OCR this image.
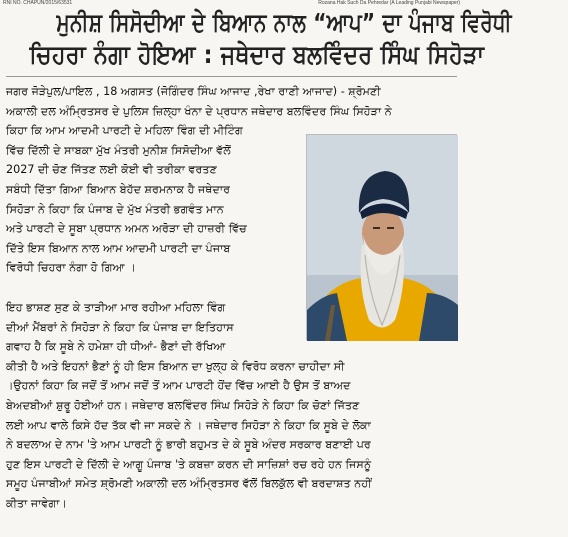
RNI NO. CHAPUN/2015/63531	Rozana Hak Such Da Pehredar (A Leading Punjabi Newspaper)
ਮੁਨੀਸ਼ ਸਿਸੋਦੀਆ ਦੇ ਬਿਆਨ ਨਾਲ “ਆਪ” ਦਾ ਪੰਜਾਬ ਵਿਰੋਧੀ
ਚਿਹਰਾ ਨੰਗਾ ਹੋਇਆ : ਜਥੇਦਾਰ ਬਲਵਿੰਦਰ ਸਿੰਘ ਸਿਹੋੜਾ
ਜਗਰ ਜੋੜੇਪੁਲ/ਪਾਇਲ , 18 ਅਗਸਤ (ਜੋਗਿੰਦਰ ਸਿੰਘ ਆਜਾਦ ,ਰੇਖਾ ਰਾਣੀ ਆਜਾਦ) - ਸ਼੍ਰੋਮਣੀ
ਅਕਾਲੀ ਦਲ ਅੰਮ੍ਰਿਤਸਰ ਦੇ ਪੁਲਿਸ ਜ਼ਿਲ੍ਹਾ ਖੰਨਾ ਦੇ ਪ੍ਰਧਾਨ ਜਥੇਦਾਰ ਬਲਵਿੰਦਰ ਸਿੰਘ ਸਿਹੋੜਾ ਨੇ
ਕਿਹਾ ਕਿ ਆਮ ਆਦਮੀ ਪਾਰਟੀ ਦੇ ਮਹਿਲਾ ਵਿੰਗ ਦੀ ਮੀਟਿੰਗ
ਵਿੱਚ ਦਿੱਲੀ ਦੇ ਸਾਬਕਾ ਮੁੱਖ ਮੰਤਰੀ ਮੁਨੀਸ਼ ਸਿਸੋਦੀਆ ਵੱਲੋਂ
2027 ਦੀ ਚੋਣ ਜਿੱਤਣ ਲਈ ਕੋਈ ਵੀ ਤਰੀਕਾ ਵਰਤਣ
ਸਬੰਧੀ ਦਿੱਤਾ ਗਿਆ ਬਿਆਨ ਬੇਹੱਦ ਸ਼ਰਮਨਾਕ ਹੈ ਜਥੇਦਾਰ
ਸਿਹੋੜਾ ਨੇ ਕਿਹਾ ਕਿ ਪੰਜਾਬ ਦੇ ਮੁੱਖ ਮੰਤਰੀ ਭਗਵੰਤ ਮਾਨ
ਅਤੇ ਪਾਰਟੀ ਦੇ ਸੂਬਾ ਪ੍ਰਧਾਨ ਅਮਨ ਅਰੋੜਾ ਦੀ ਹਾਜ਼ਰੀ ਵਿੱਚ
ਦਿੱਤੇ ਇਸ ਬਿਆਨ ਨਾਲ ਆਮ ਆਦਮੀ ਪਾਰਟੀ ਦਾ ਪੰਜਾਬ
ਵਿਰੋਧੀ ਚਿਹਰਾ ਨੰਗਾ ਹੋ ਗਿਆ ।
ਇਹ ਭਾਸ਼ਣ ਸੁਣ ਕੇ ਤਾੜੀਆ ਮਾਰ ਰਹੀਆ ਮਹਿਲਾ ਵਿੰਗ
ਦੀਆਂ ਮੈਂਬਰਾਂ ਨੇ ਸਿਹੋੜਾ ਨੇ ਕਿਹਾ ਕਿ ਪੰਜਾਬ ਦਾ ਇਤਿਹਾਸ
ਗਵਾਹ ਹੈ ਕਿ ਸੂਬੇ ਨੇ ਹਮੇਸ਼ਾ ਹੀ ਧੀਆਂ- ਭੈਣਾਂ ਦੀ ਰੱਖਿਆ
ਕੀਤੀ ਹੈ ਅਤੇ ਇਹਨਾਂ ਭੈਣਾਂ ਨੂੰ ਹੀ ਇਸ ਬਿਆਨ ਦਾ ਖੁਲ੍ਹ ਕੇ ਵਿਰੋਧ ਕਰਨਾ ਚਾਹੀਦਾ ਸੀ
।ਉਹਨਾਂ ਕਿਹਾ ਕਿ ਜਦੋਂ ਤੋਂ ਆਮ ਜਦੋਂ ਤੋਂ ਆਮ ਪਾਰਟੀ ਹੋਂਦ ਵਿੱਚ ਆਈ ਹੈ ਉਸ ਤੋਂ ਬਾਅਦ
ਬੇਅਦਬੀਆਂ ਸ਼ੁਰੂ ਹੋਈਆਂ ਹਨ। ਜਥੇਦਾਰ ਬਲਵਿੰਦਰ ਸਿੰਘ ਸਿਹੋੜੇ ਨੇ ਕਿਹਾ ਕਿ ਚੋਣਾਂ ਜਿੱਤਣ
ਲਈ ਆਪ ਵਾਲੇ ਕਿਸੇ ਹੱਦ ਤੱਕ ਵੀ ਜਾ ਸਕਦੇ ਨੇ । ਜਥੇਦਾਰ ਸਿਹੋੜਾ ਨੇ ਕਿਹਾ ਕਿ ਸੂਬੇ ਦੇ ਲੋਕਾ
ਨੇ ਬਦਲਾਅ ਦੇ ਨਾਮ 'ਤੇ ਆਮ ਪਾਰਟੀ ਨੂੰ ਭਾਰੀ ਬਹੁਮਤ ਦੇ ਕੇ ਸੂਬੇ ਅੰਦਰ ਸਰਕਾਰ ਬਣਾਈ ਪਰ
ਹੁਣ ਇਸ ਪਾਰਟੀ ਦੇ ਦਿੱਲੀ ਦੇ ਆਗੂ ਪੰਜਾਬ 'ਤੇ ਕਬਜ਼ਾ ਕਰਨ ਦੀ ਸਾਜ਼ਿਸ਼ਾਂ ਰਚ ਰਹੇ ਹਨ ਜਿਸਨੂੰ
ਸਮੂਹ ਪੰਜਾਬੀਆਂ ਸਮੇਤ ਸ਼੍ਰੋਮਣੀ ਅਕਾਲੀ ਦਲ ਅੰਮ੍ਰਿਤਸਰ ਵੱਲੋਂ ਬਿਲਕੁੱਲ ਵੀ ਬਰਦਾਸ਼ਤ ਨਹੀਂ
ਕੀਤਾ ਜਾਵੇਗਾ।
